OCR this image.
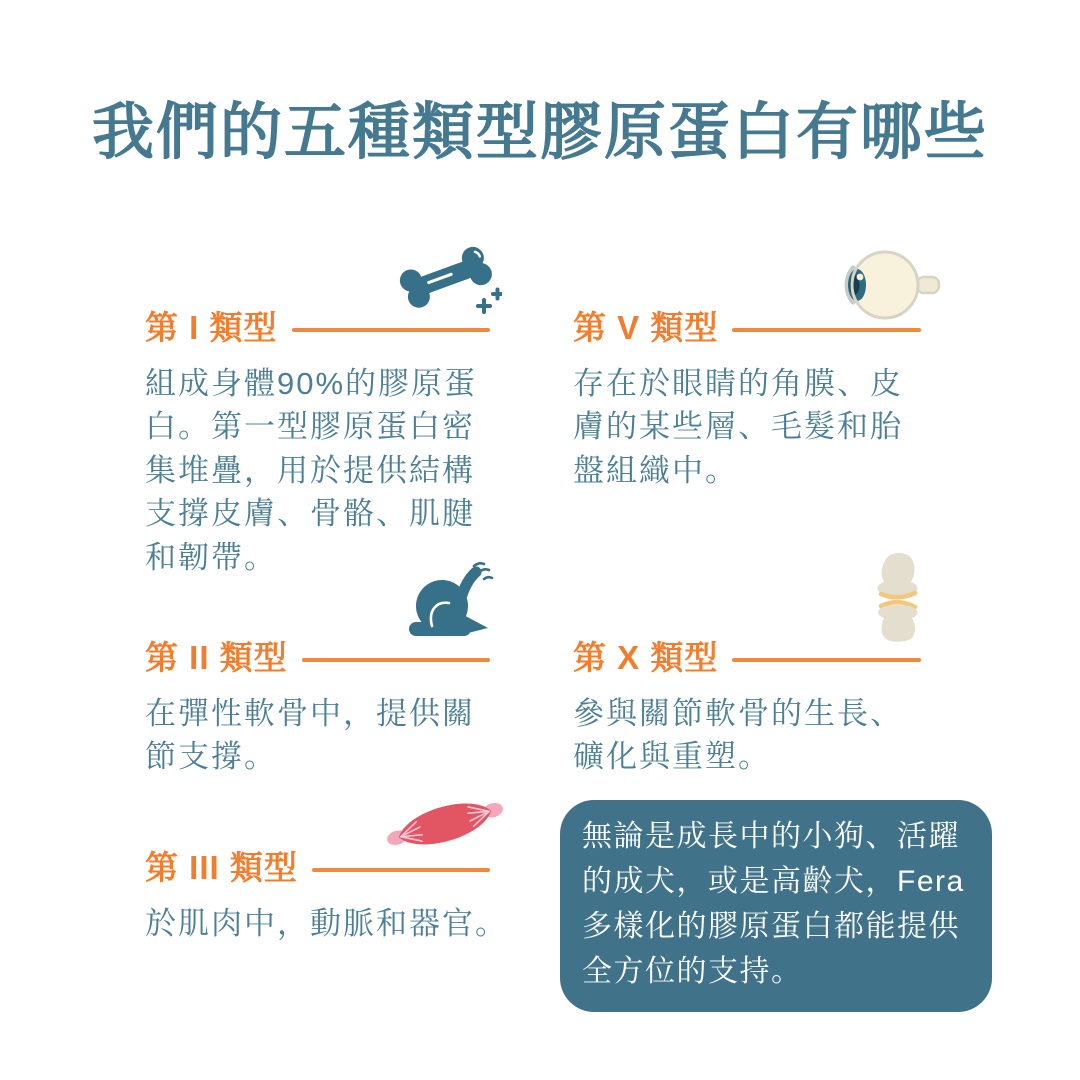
我們的五種類型膠原蛋白有哪些
第 I 類型

組成身體90%的膠原蛋白。第一型膠原蛋白密集堆疊，用於提供結構支撐皮膚、骨骼、肌腱和韌帶。

第 II 類型

在彈性軟骨中，提供關節支撐。

第 III 類型

於肌肉中，動脈和器官。

第 V 類型

存在於眼睛的角膜、皮膚的某些層、毛髮和胎盤組織中。

第 X 類型

參與關節軟骨的生長、礦化與重塑。

無論是成長中的小狗、活躍的成犬，或是高齡犬，Fera多樣化的膠原蛋白都能提供全方位的支持。
